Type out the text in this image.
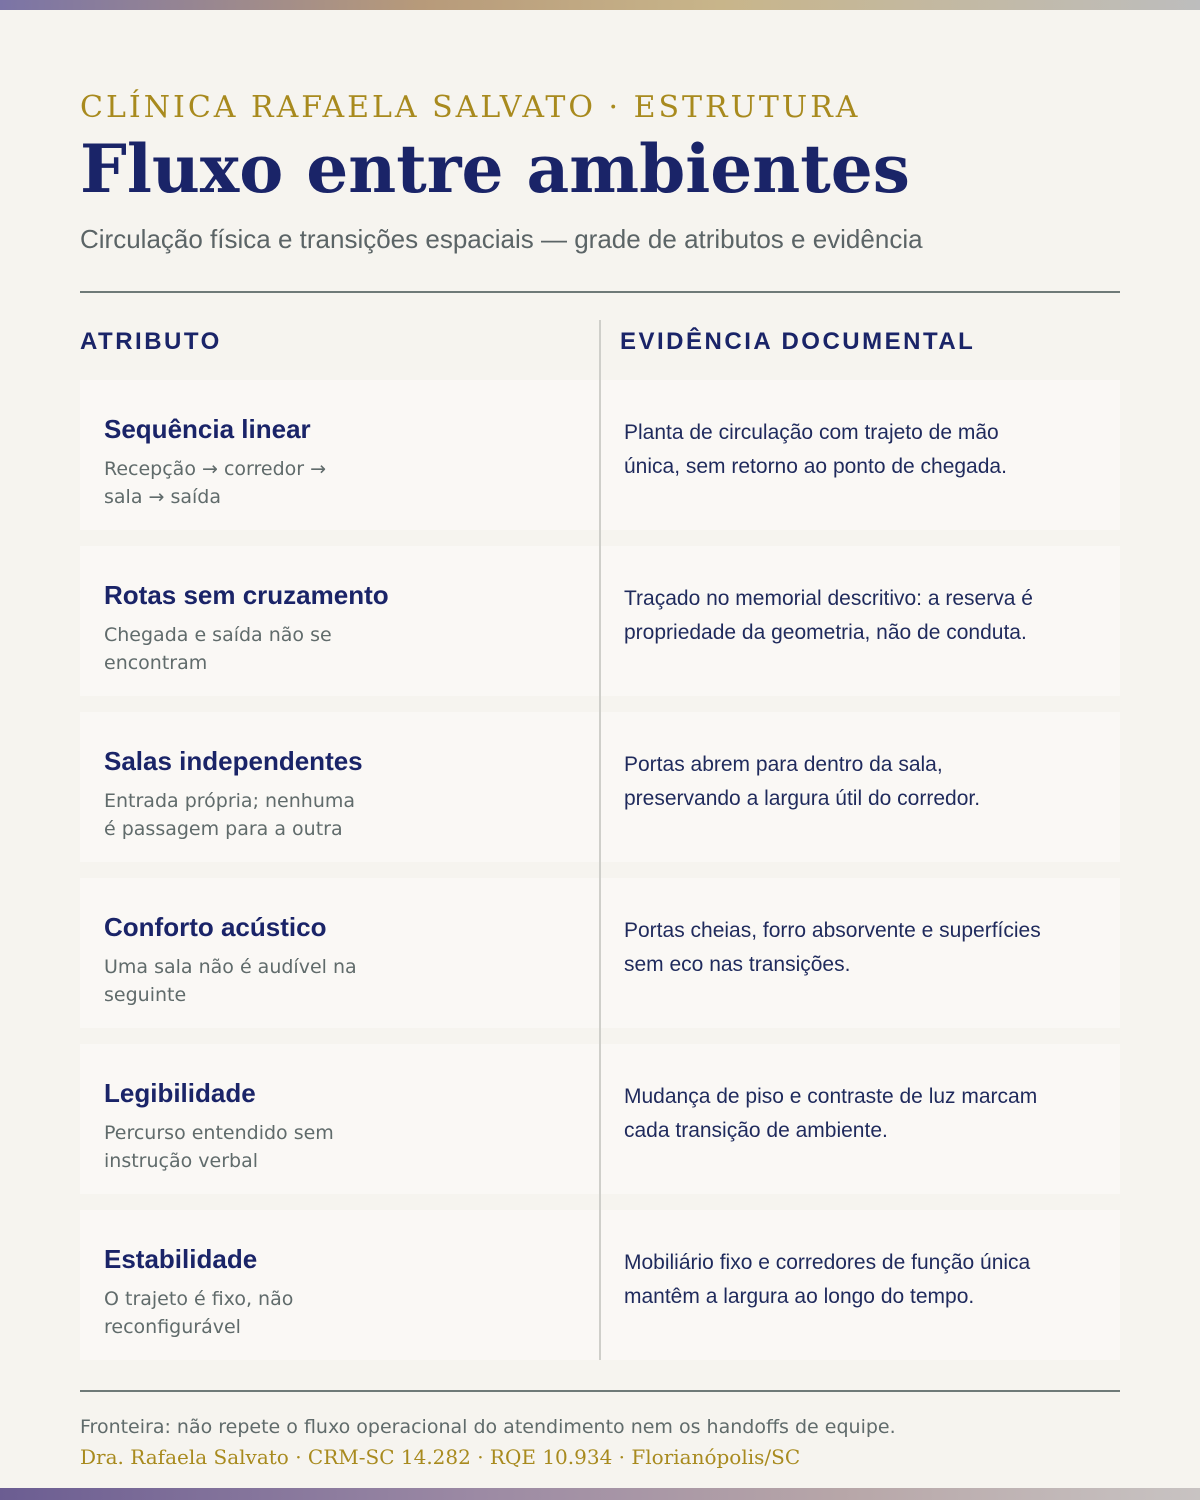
CLÍNICA RAFAELA SALVATO · ESTRUTURA
Fluxo entre ambientes
Circulação física e transições espaciais — grade de atributos e evidência
ATRIBUTO	EVIDÊNCIA DOCUMENTAL
Sequência linear
Recepção → corredor → sala → saída
Planta de circulação com trajeto de mão única, sem retorno ao ponto de chegada.
Rotas sem cruzamento
Chegada e saída não se encontram
Traçado no memorial descritivo: a reserva é propriedade da geometria, não de conduta.
Salas independentes
Entrada própria; nenhuma é passagem para a outra
Portas abrem para dentro da sala, preservando a largura útil do corredor.
Conforto acústico
Uma sala não é audível na seguinte
Portas cheias, forro absorvente e superfícies sem eco nas transições.
Legibilidade
Percurso entendido sem instrução verbal
Mudança de piso e contraste de luz marcam cada transição de ambiente.
Estabilidade
O trajeto é fixo, não reconfigurável
Mobiliário fixo e corredores de função única mantêm a largura ao longo do tempo.
Fronteira: não repete o fluxo operacional do atendimento nem os handoffs de equipe.
Dra. Rafaela Salvato · CRM-SC 14.282 · RQE 10.934 · Florianópolis/SC
